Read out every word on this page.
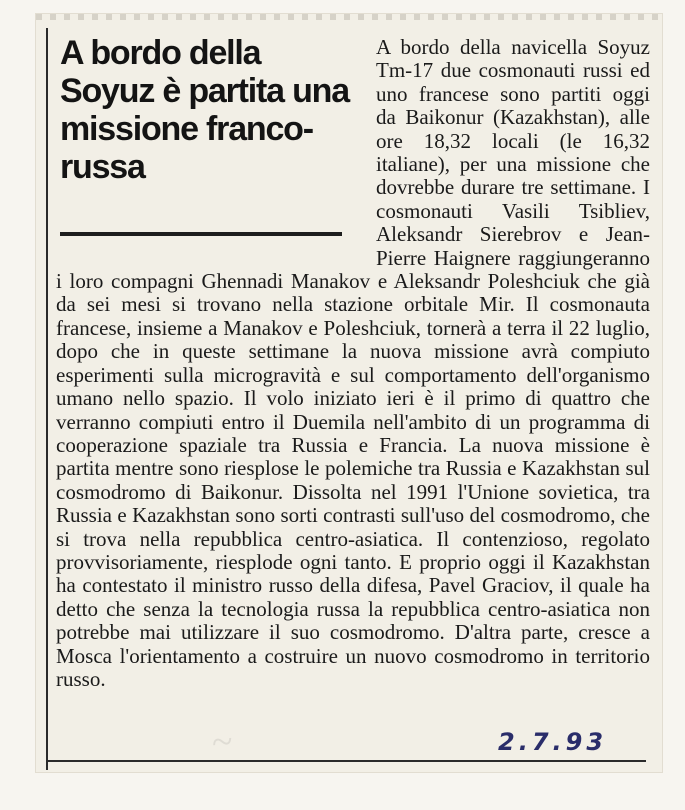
~
A bordo della Soyuz è partita una missione franco-russa
A bordo della navicella Soyuz Tm-17 due cosmonauti russi ed uno francese sono partiti oggi da Baikonur (Kazakhstan), alle ore 18,32 locali (le 16,32 italiane), per una missione che dovrebbe durare tre settimane. I cosmonauti Vasili Tsibliev, Aleksandr Sierebrov e Jean-Pierre Haignere raggiungeranno i loro compagni Ghennadi Manakov e Aleksandr Poleshciuk che già da sei mesi si trovano nella stazione orbitale Mir. Il cosmonauta francese, insieme a Manakov e Poleshciuk, tornerà a terra il 22 luglio, dopo che in queste settimane la nuova missione avrà compiuto esperimenti sulla microgravità e sul comportamento dell'organismo umano nello spazio. Il volo iniziato ieri è il primo di quattro che verranno compiuti entro il Duemila nell'ambito di un programma di cooperazione spaziale tra Russia e Francia. La nuova missione è partita mentre sono riesplose le polemiche tra Russia e Kazakhstan sul cosmodromo di Baikonur. Dissolta nel 1991 l'Unione sovietica, tra Russia e Kazakhstan sono sorti contrasti sull'uso del cosmodromo, che si trova nella repubblica centro-asiatica. Il contenzioso, regolato provvisoriamente, riesplode ogni tanto. E proprio oggi il Kazakhstan ha contestato il ministro russo della difesa, Pavel Graciov, il quale ha detto che senza la tecnologia russa la repubblica centro-asiatica non potrebbe mai utilizzare il suo cosmodromo. D'altra parte, cresce a Mosca l'orientamento a costruire un nuovo cosmodromo in territorio russo.
2.7.93
